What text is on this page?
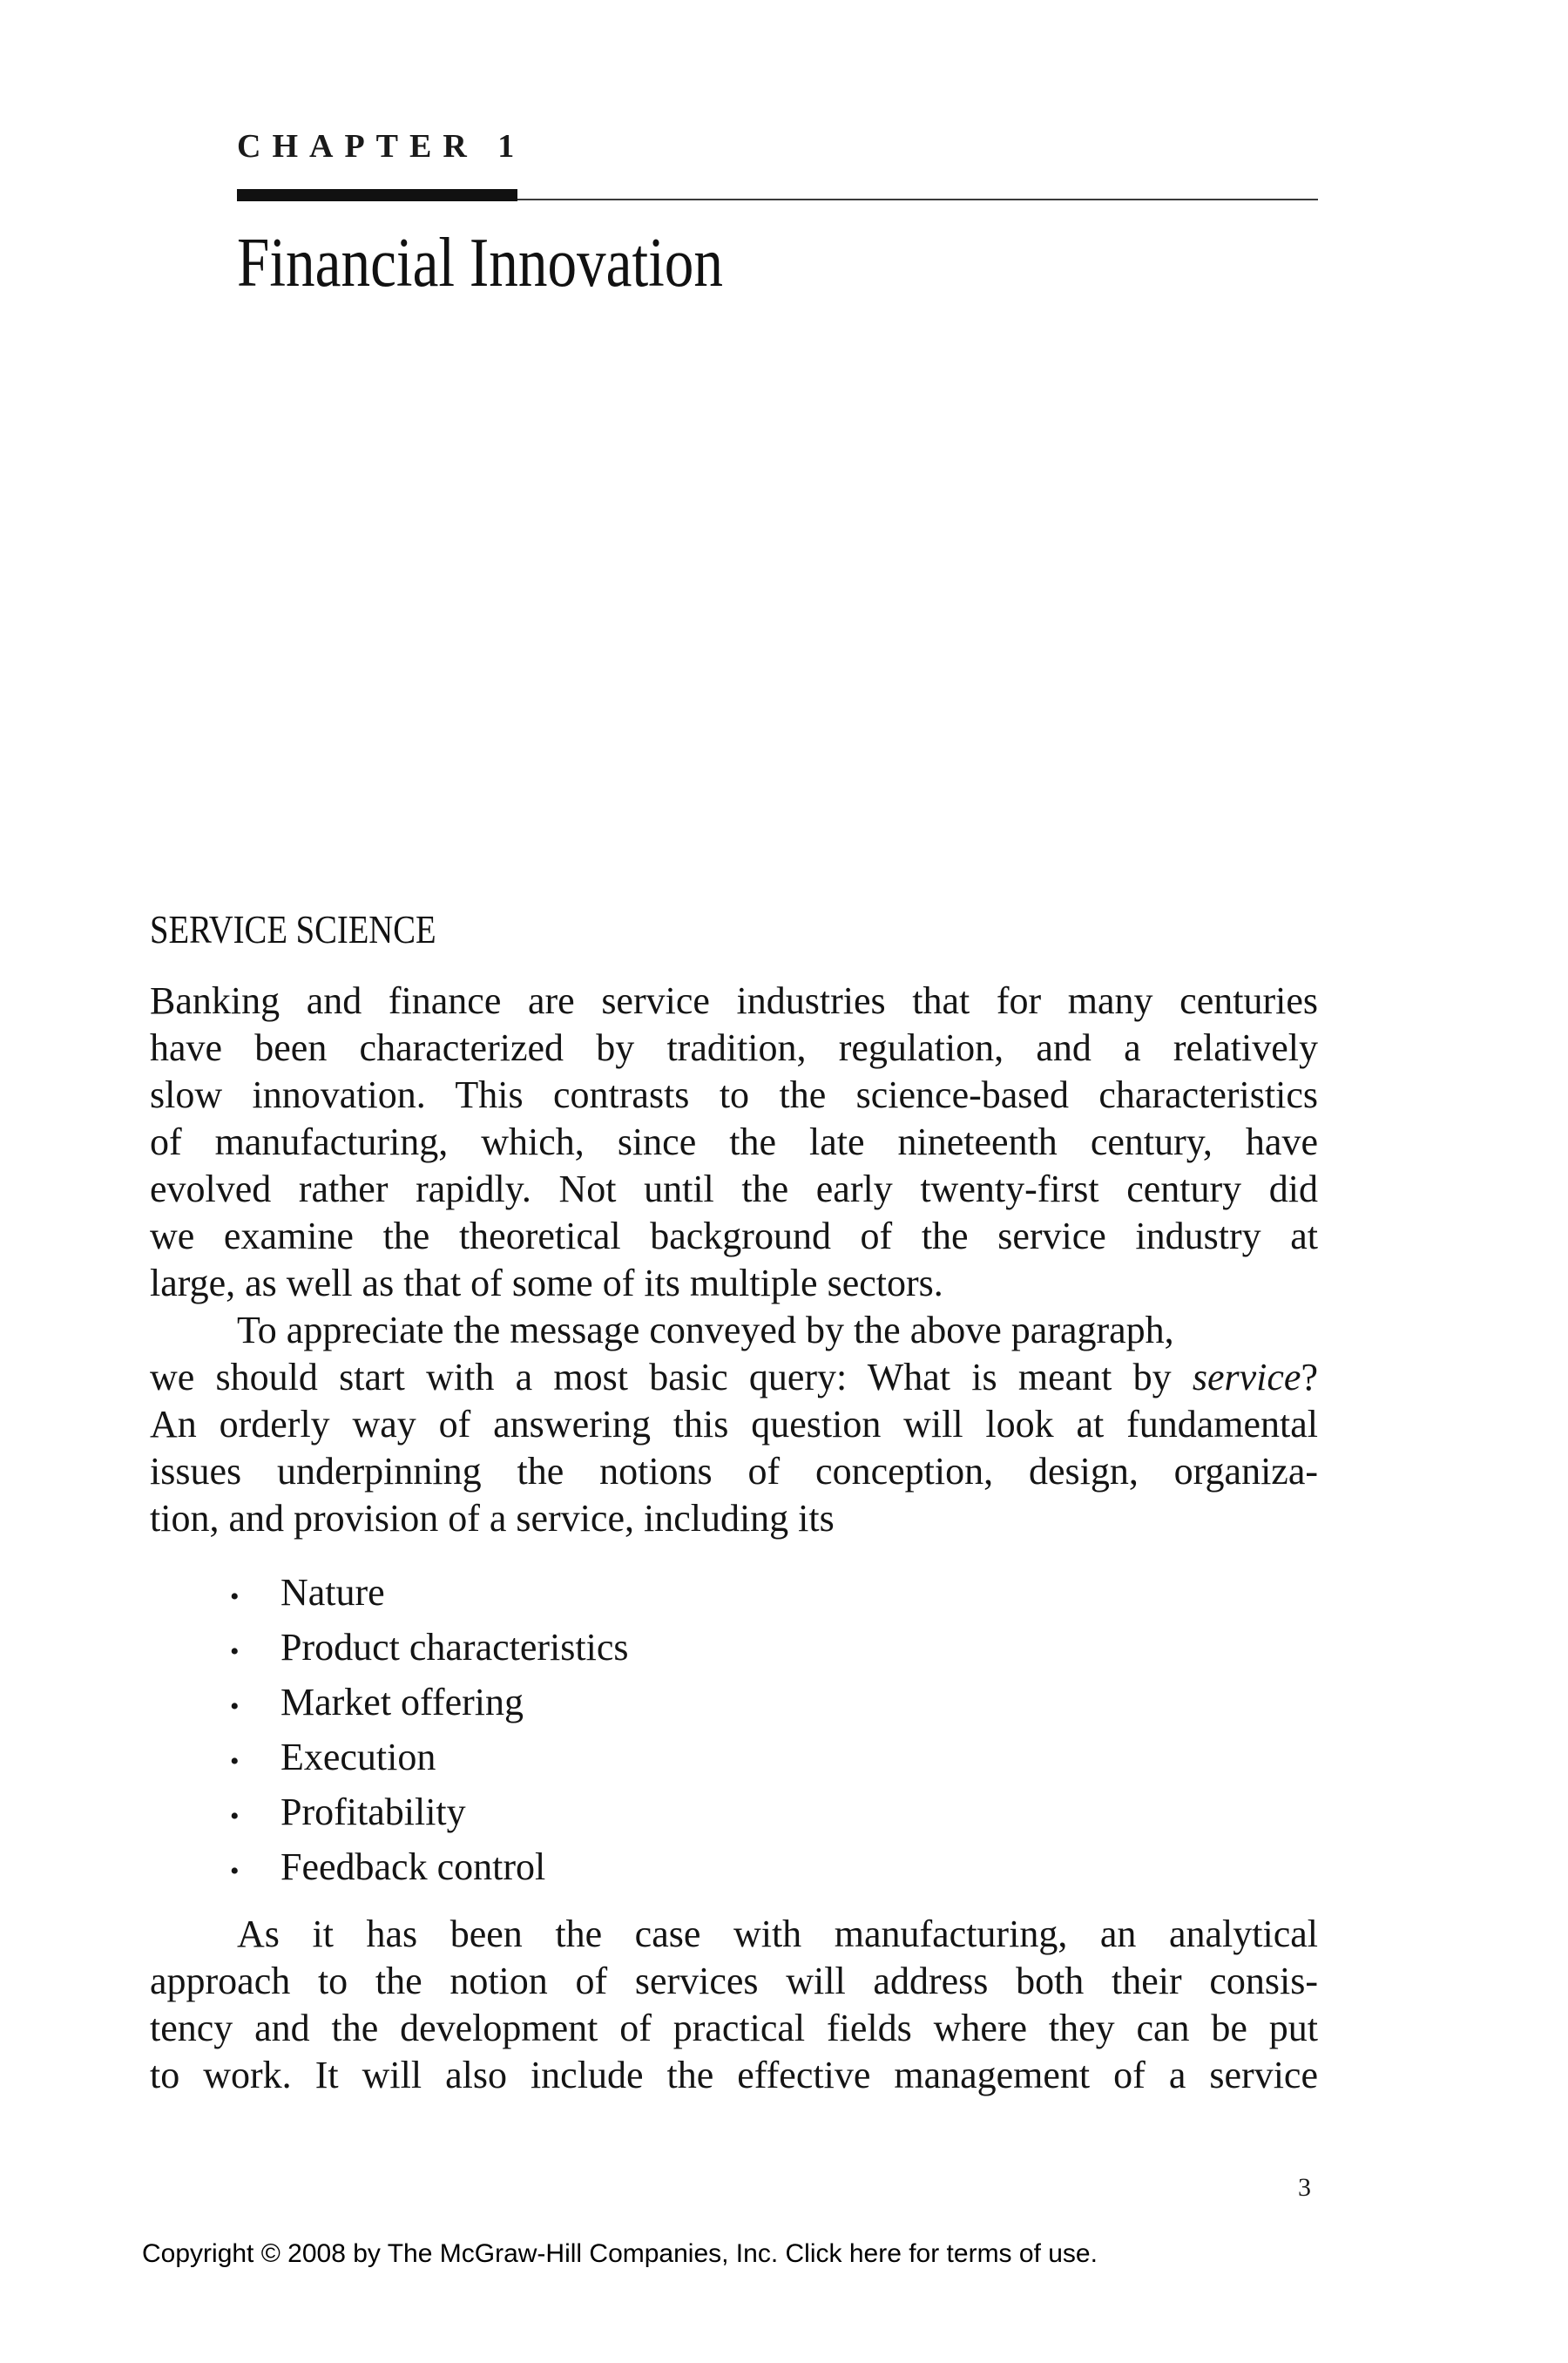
CHAPTER 1
Financial Innovation
SERVICE SCIENCE
Banking and finance are service industries that for many centuries
have been characterized by tradition, regulation, and a relatively
slow innovation. This contrasts to the science-based characteristics
of manufacturing, which, since the late nineteenth century, have
evolved rather rapidly. Not until the early twenty-first century did
we examine the theoretical background of the service industry at
large, as well as that of some of its multiple sectors.
To appreciate the message conveyed by the above paragraph,
we should start with a most basic query: What is meant by service?
An orderly way of answering this question will look at fundamental
issues underpinning the notions of conception, design, organiza-
tion, and provision of a service, including its
•	Nature
•	Product characteristics
•	Market offering
•	Execution
•	Profitability
•	Feedback control
As it has been the case with manufacturing, an analytical
approach to the notion of services will address both their consis-
tency and the development of practical fields where they can be put
to work. It will also include the effective management of a service
3
Copyright © 2008 by The McGraw-Hill Companies, Inc. Click here for terms of use.
